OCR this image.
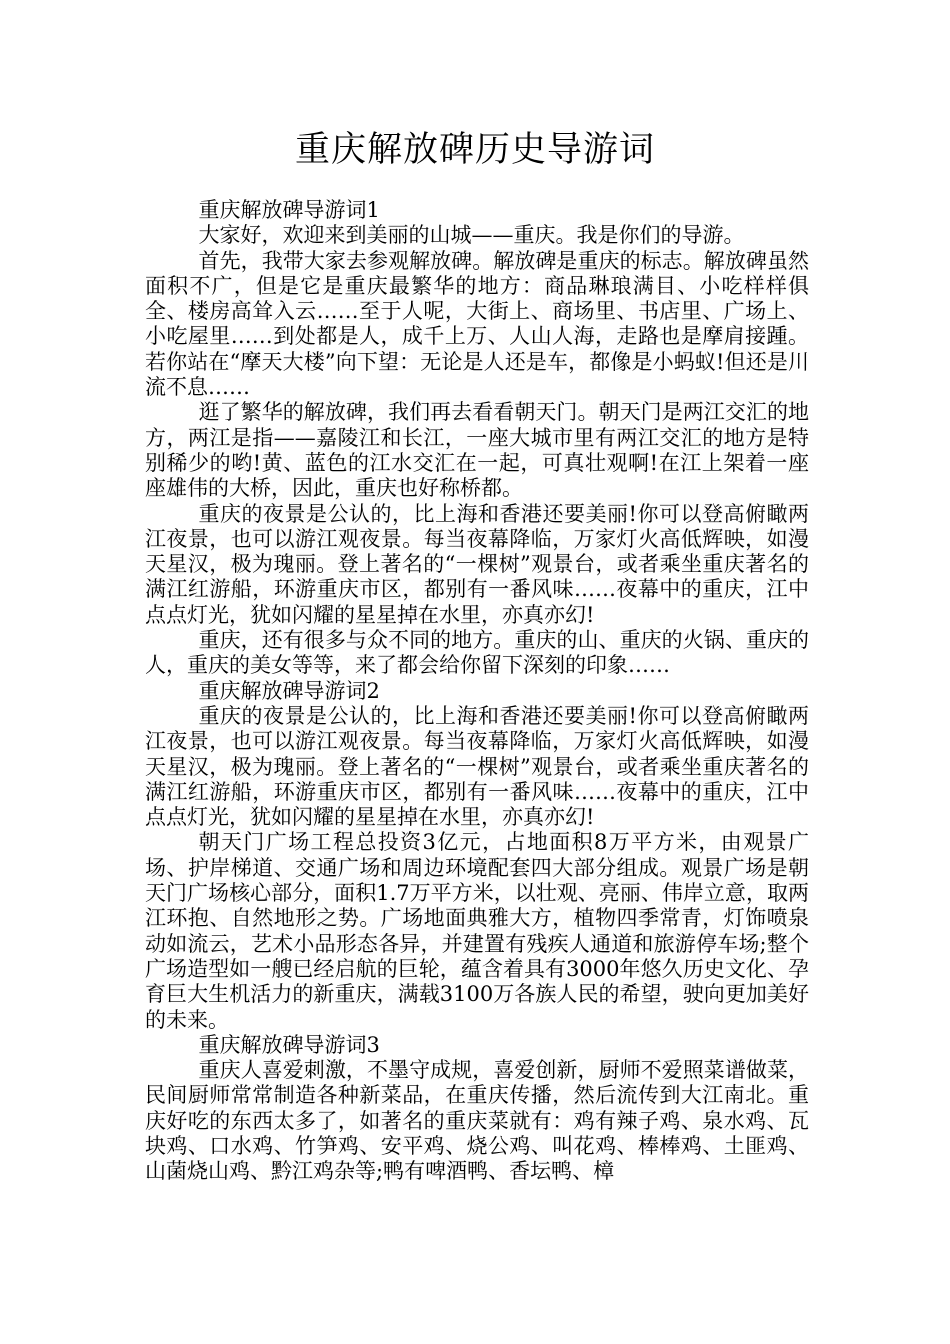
重庆解放碑历史导游词

重庆解放碑导游词1

大家好，欢迎来到美丽的山城——重庆。我是你们的导游。

首先，我带大家去参观解放碑。解放碑是重庆的标志。解放碑虽然面积不广，但是它是重庆最繁华的地方：商品琳琅满目、小吃样样俱全、楼房高耸入云……至于人呢，大街上、商场里、书店里、广场上、小吃屋里……到处都是人，成千上万、人山人海，走路也是摩肩接踵。若你站在“摩天大楼”向下望：无论是人还是车，都像是小蚂蚁!但还是川流不息……

逛了繁华的解放碑，我们再去看看朝天门。朝天门是两江交汇的地方，两江是指——嘉陵江和长江，一座大城市里有两江交汇的地方是特别稀少的哟!黄、蓝色的江水交汇在一起，可真壮观啊!在江上架着一座座雄伟的大桥，因此，重庆也好称桥都。

重庆的夜景是公认的，比上海和香港还要美丽!你可以登高俯瞰两江夜景，也可以游江观夜景。每当夜幕降临，万家灯火高低辉映，如漫天星汉，极为瑰丽。登上著名的“一棵树”观景台，或者乘坐重庆著名的满江红游船，环游重庆市区，都别有一番风味……夜幕中的重庆，江中点点灯光，犹如闪耀的星星掉在水里，亦真亦幻!

重庆，还有很多与众不同的地方。重庆的山、重庆的火锅、重庆的人，重庆的美女等等，来了都会给你留下深刻的印象……

重庆解放碑导游词2

重庆的夜景是公认的，比上海和香港还要美丽!你可以登高俯瞰两江夜景，也可以游江观夜景。每当夜幕降临，万家灯火高低辉映，如漫天星汉，极为瑰丽。登上著名的“一棵树”观景台，或者乘坐重庆著名的满江红游船，环游重庆市区，都别有一番风味……夜幕中的重庆，江中点点灯光，犹如闪耀的星星掉在水里，亦真亦幻!

朝天门广场工程总投资3亿元，占地面积8万平方米，由观景广场、护岸梯道、交通广场和周边环境配套四大部分组成。观景广场是朝天门广场核心部分，面积1.7万平方米，以壮观、亮丽、伟岸立意，取两江环抱、自然地形之势。广场地面典雅大方，植物四季常青，灯饰喷泉动如流云，艺术小品形态各异，并建置有残疾人通道和旅游停车场;整个广场造型如一艘已经启航的巨轮，蕴含着具有3000年悠久历史文化、孕育巨大生机活力的新重庆，满载3100万各族人民的希望，驶向更加美好的未来。

重庆解放碑导游词3

重庆人喜爱刺激，不墨守成规，喜爱创新，厨师不爱照菜谱做菜，民间厨师常常制造各种新菜品，在重庆传播，然后流传到大江南北。重庆好吃的东西太多了，如著名的重庆菜就有：鸡有辣子鸡、泉水鸡、瓦块鸡、口水鸡、竹笋鸡、安平鸡、烧公鸡、叫花鸡、棒棒鸡、土匪鸡、山菌烧山鸡、黔江鸡杂等;鸭有啤酒鸭、香坛鸭、樟
